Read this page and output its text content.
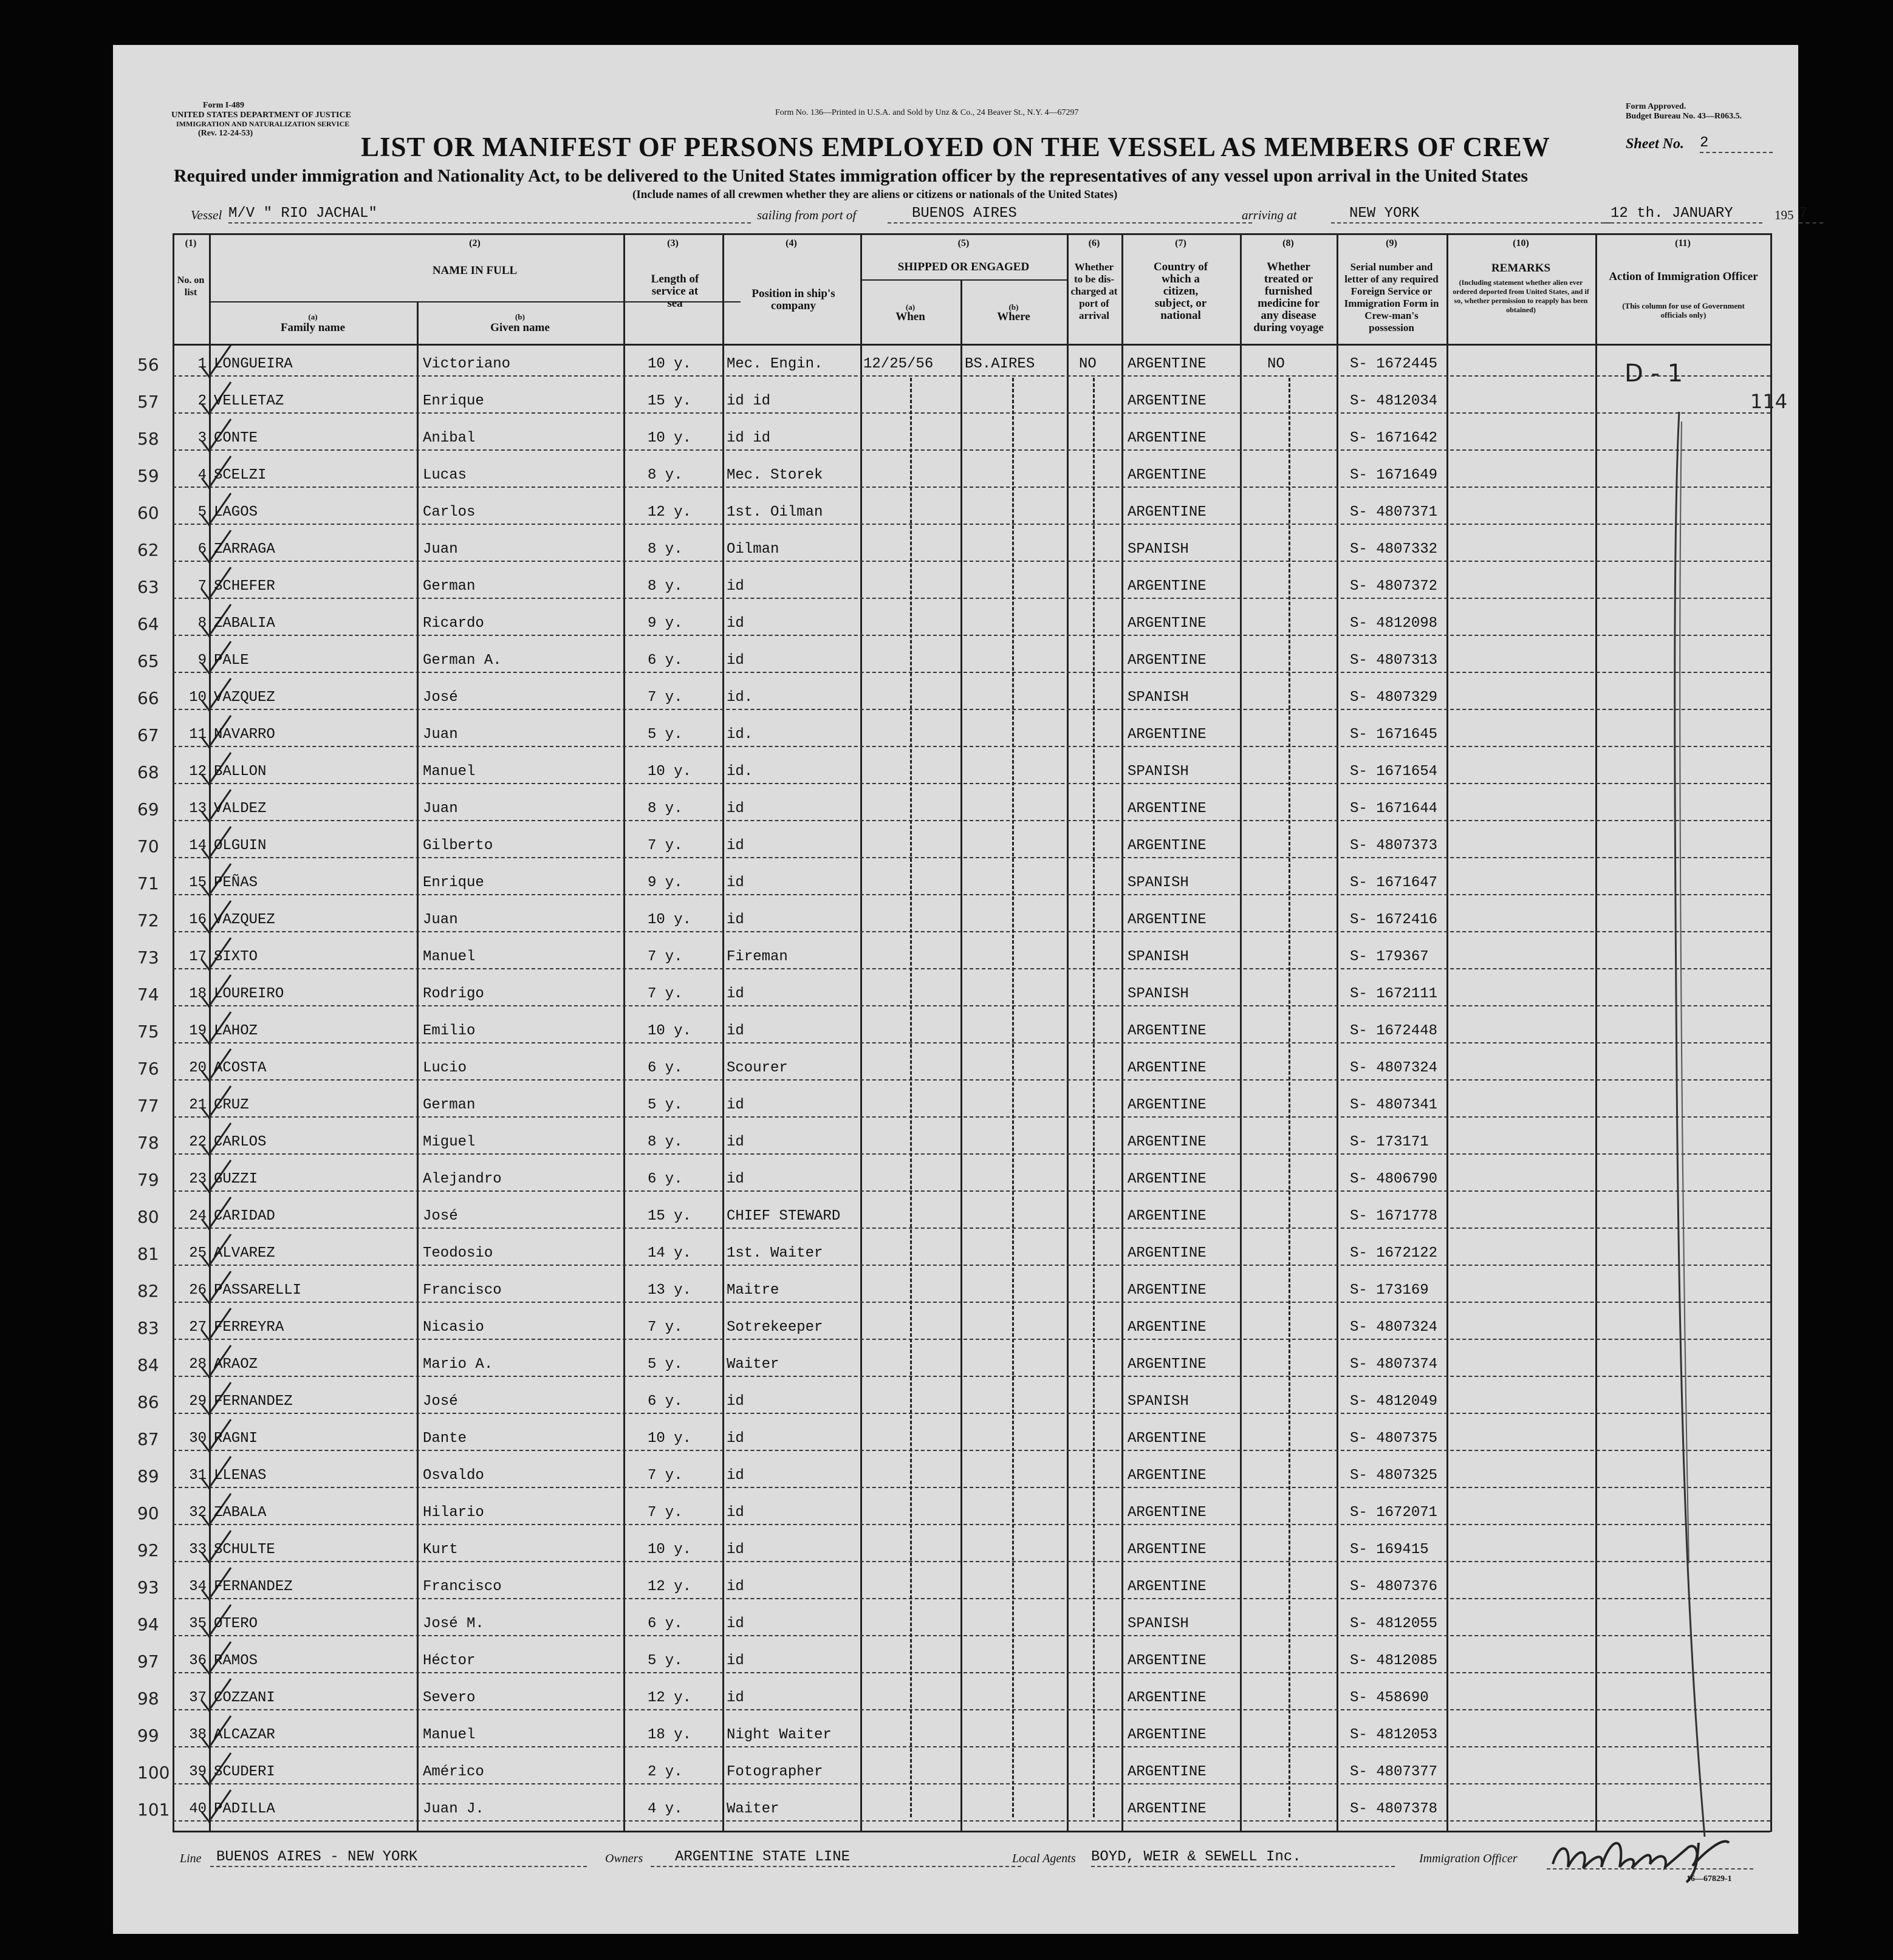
Form I-489
UNITED STATES DEPARTMENT OF JUSTICE
IMMIGRATION AND NATURALIZATION SERVICE
(Rev. 12-24-53)
Form No. 136—Printed in U.S.A. and Sold by Unz & Co., 24 Beaver St., N.Y. 4—67297
Form Approved.
Budget Bureau No. 43—R063.5.
LIST OR MANIFEST OF PERSONS EMPLOYED ON THE VESSEL AS MEMBERS OF CREW	Sheet No. 2
Required under immigration and Nationality Act, to be delivered to the United States immigration officer by the representatives of any vessel upon arrival in the United States
(Include names of all crewmen whether they are aliens or citizens or nationals of the United States)
Vessel M/V " RIO JACHAL"	sailing from port of	BUENOS AIRES	arriving at	NEW YORK	12 th. JANUARY	195 7
(1)	(2)	(3)	(4)	(5)	(6)	(7)	(8)	(9)	(10)	(11)
No. on list
NAME IN FULL
(a)
Family name
(b)
Given name
Length of service at sea
Position in ship's company
SHIPPED OR ENGAGED
(a)
When
(b)
Where
Whether to be dis-charged at port of arrival
Country of which a citizen, subject, or national
Whether treated or furnished medicine for any disease during voyage
Serial number and letter of any required Foreign Service or Immigration Form in Crew-man's possession
REMARKS
(Including statement whether alien ever ordered deported from United States, and if so, whether permission to reapply has been obtained)
Action of Immigration Officer
(This column for use of Government officials only)
56	1 LONGUEIRA	Victoriano	10 y. Mec. Engin.	12/25/56 BS.AIRES	NO ARGENTINE	NO	S- 1672445
57	2 VELLETAZ	Enrique	15 y. id id	ARGENTINE	S- 4812034
58	3 CONTE	Anibal	10 y. id id	ARGENTINE	S- 1671642
59	4 SCELZI	Lucas	8 y.	Mec. Storek	ARGENTINE	S- 1671649
60	5 LAGOS	Carlos	12 y. 1st. Oilman	ARGENTINE	S- 4807371
62	6 ZARRAGA	Juan	8 y.	Oilman	SPANISH	S- 4807332
63	7 SCHEFER	German	8 y.	id	ARGENTINE	S- 4807372
64	8 ZABALIA	Ricardo	9 y.	id	ARGENTINE	S- 4812098
65	9 PALE	German A.	6 y.	id	ARGENTINE	S- 4807313
66	10 VAZQUEZ	José	7 y.	id.	SPANISH	S- 4807329
67	11 NAVARRO	Juan	5 y.	id.	ARGENTINE	S- 1671645
68	12 BALLON	Manuel	10 y. id.	SPANISH	S- 1671654
69	13 VALDEZ	Juan	8 y.	id	ARGENTINE	S- 1671644
70	14 OLGUIN	Gilberto	7 y.	id	ARGENTINE	S- 4807373
71	15 PEÑAS	Enrique	9 y.	id	SPANISH	S- 1671647
72	16 VAZQUEZ	Juan	10 y. id	ARGENTINE	S- 1672416
73	17 SIXTO	Manuel	7 y.	Fireman	SPANISH	S- 179367
74	18 LOUREIRO	Rodrigo	7 y.	id	SPANISH	S- 1672111
75	19 LAHOZ	Emilio	10 y. id	ARGENTINE	S- 1672448
76	20 ACOSTA	Lucio	6 y.	Scourer	ARGENTINE	S- 4807324
77	21 CRUZ	German	5 y.	id	ARGENTINE	S- 4807341
78	22 CARLOS	Miguel	8 y.	id	ARGENTINE	S- 173171
79	23 GUZZI	Alejandro	6 y.	id	ARGENTINE	S- 4806790
80	24 CARIDAD	José	15 y. CHIEF STEWARD	ARGENTINE	S- 1671778
81	25 ALVAREZ	Teodosio	14 y. 1st. Waiter	ARGENTINE	S- 1672122
82	26 PASSARELLI	Francisco	13 y. Maitre	ARGENTINE	S- 173169
83	27 FERREYRA	Nicasio	7 y.	Sotrekeeper	ARGENTINE	S- 4807324
84	28 ARAOZ	Mario A.	5 y.	Waiter	ARGENTINE	S- 4807374
86	29 FERNANDEZ	José	6 y.	id	SPANISH	S- 4812049
87	30 RAGNI	Dante	10 y. id	ARGENTINE	S- 4807375
89	31 LLENAS	Osvaldo	7 y.	id	ARGENTINE	S- 4807325
90	32 ZABALA	Hilario	7 y.	id	ARGENTINE	S- 1672071
92	33 SCHULTE	Kurt	10 y. id	ARGENTINE	S- 169415
93	34 FERNANDEZ	Francisco	12 y. id	ARGENTINE	S- 4807376
94	35 OTERO	José M.	6 y.	id	SPANISH	S- 4812055
97	36 RAMOS	Héctor	5 y.	id	ARGENTINE	S- 4812085
98	37 COZZANI	Severo	12 y. id	ARGENTINE	S- 458690
99	38 ALCAZAR	Manuel	18 y. Night Waiter	ARGENTINE	S- 4812053
100	39 SCUDERI	Américo	2 y.	Fotographer	ARGENTINE	S- 4807377
101	40 PADILLA	Juan J.	4 y.	Waiter	ARGENTINE	S- 4807378
D - 1
114
Line	BUENOS AIRES - NEW YORK	Owners	ARGENTINE STATE LINE	Local Agents BOYD, WEIR & SEWELL Inc.	Immigration Officer
16—67829-1
